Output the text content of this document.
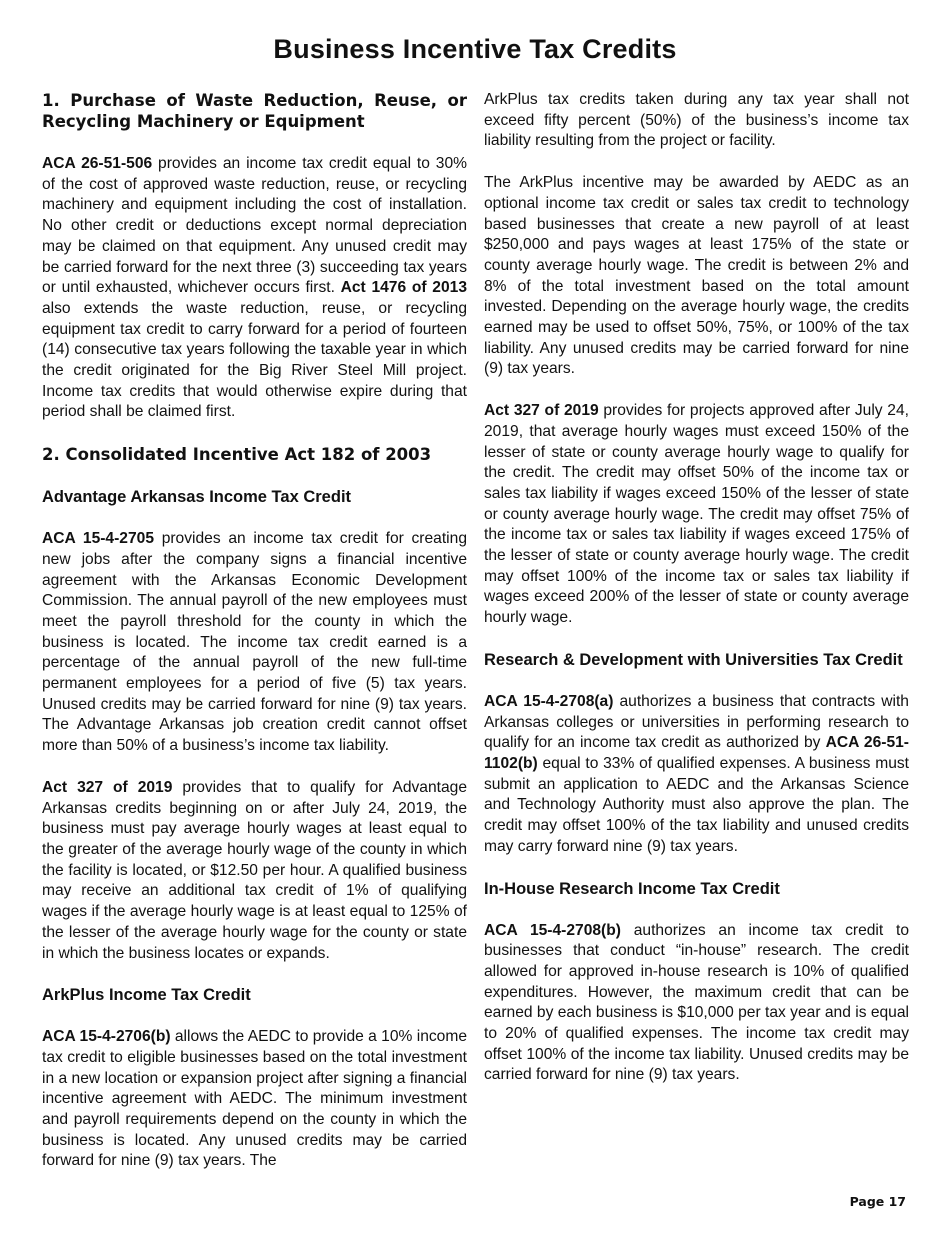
Business Incentive Tax Credits
1. Purchase of Waste Reduction, Reuse, or Recycling Machinery or Equipment

ACA 26-51-506 provides an income tax credit equal to 30% of the cost of approved waste reduction, reuse, or recycling machinery and equipment including the cost of installation. No other credit or deductions except normal depreciation may be claimed on that equipment. Any unused credit may be carried forward for the next three (3) succeeding tax years or until exhausted, whichever occurs first. Act 1476 of 2013 also extends the waste reduction, reuse, or recycling equipment tax credit to carry forward for a period of fourteen (14) consecutive tax years following the taxable year in which the credit originated for the Big River Steel Mill project. Income tax credits that would otherwise expire during that period shall be claimed first.

2. Consolidated Incentive Act 182 of 2003
Advantage Arkansas Income Tax Credit

ACA 15-4-2705 provides an income tax credit for creating new jobs after the company signs a financial incentive agreement with the Arkansas Economic Development Commission. The annual payroll of the new employees must meet the payroll threshold for the county in which the business is located. The income tax credit earned is a percentage of the annual payroll of the new full-time permanent employees for a period of five (5) tax years. Unused credits may be carried forward for nine (9) tax years. The Advantage Arkansas job creation credit cannot offset more than 50% of a business’s income tax liability.

Act 327 of 2019 provides that to qualify for Advantage Arkansas credits beginning on or after July 24, 2019, the business must pay average hourly wages at least equal to the greater of the average hourly wage of the county in which the facility is located, or $12.50 per hour. A qualified business may receive an additional tax credit of 1% of qualifying wages if the average hourly wage is at least equal to 125% of the lesser of the average hourly wage for the county or state in which the business locates or expands.

ArkPlus Income Tax Credit

ACA 15-4-2706(b) allows the AEDC to provide a 10% income tax credit to eligible businesses based on the total investment in a new location or expansion project after signing a financial incentive agreement with AEDC. The minimum investment and payroll requirements depend on the county in which the business is located. Any unused credits may be carried forward for nine (9) tax years. The

ArkPlus tax credits taken during any tax year shall not exceed fifty percent (50%) of the business’s income tax liability resulting from the project or facility.

The ArkPlus incentive may be awarded by AEDC as an optional income tax credit or sales tax credit to technology based businesses that create a new payroll of at least $250,000 and pays wages at least 175% of the state or county average hourly wage. The credit is between 2% and 8% of the total investment based on the total amount invested. Depending on the average hourly wage, the credits earned may be used to offset 50%, 75%, or 100% of the tax liability. Any unused credits may be carried forward for nine (9) tax years.

Act 327 of 2019 provides for projects approved after July 24, 2019, that average hourly wages must exceed 150% of the lesser of state or county average hourly wage to qualify for the credit. The credit may offset 50% of the income tax or sales tax liability if wages exceed 150% of the lesser of state or county average hourly wage. The credit may offset 75% of the income tax or sales tax liability if wages exceed 175% of the lesser of state or county average hourly wage. The credit may offset 100% of the income tax or sales tax liability if wages exceed 200% of the lesser of state or county average hourly wage.

Research & Development with Universities Tax Credit

ACA 15-4-2708(a) authorizes a business that contracts with Arkansas colleges or universities in performing research to qualify for an income tax credit as authorized by ACA 26-51-1102(b) equal to 33% of qualified expenses. A business must submit an application to AEDC and the Arkansas Science and Technology Authority must also approve the plan. The credit may offset 100% of the tax liability and unused credits may carry forward nine (9) tax years.

In-House Research Income Tax Credit

ACA 15-4-2708(b) authorizes an income tax credit to businesses that conduct “in-house” research. The credit allowed for approved in-house research is 10% of qualified expenditures. However, the maximum credit that can be earned by each business is $10,000 per tax year and is equal to 20% of qualified expenses. The income tax credit may offset 100% of the income tax liability. Unused credits may be carried forward for nine (9) tax years.

Page 17
